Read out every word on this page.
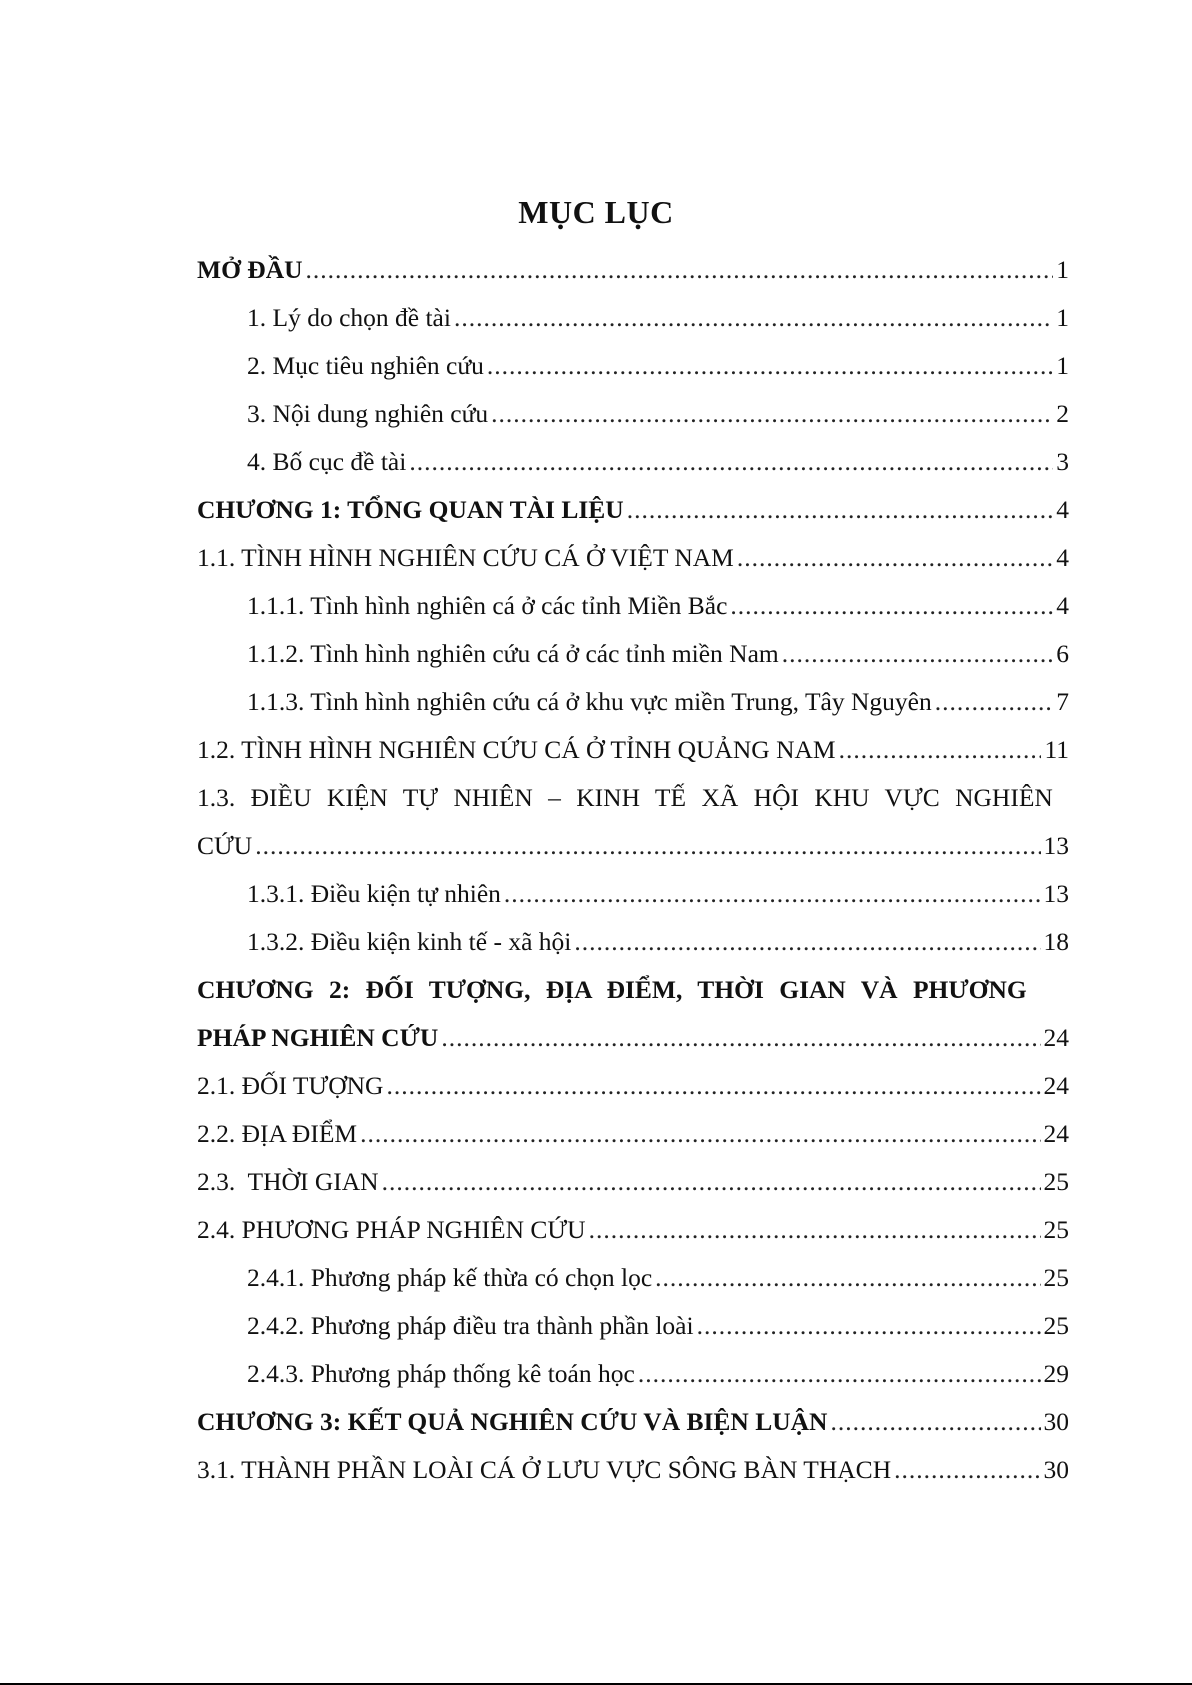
MỤC LỤC
MỞ ĐẦU .....	1
1. Lý do chọn đề tài .....	1
2. Mục tiêu nghiên cứu .....	1
3. Nội dung nghiên cứu .....	2
4. Bố cục đề tài .....	3
CHƯƠNG 1: TỔNG QUAN TÀI LIỆU .....	4
1.1. TÌNH HÌNH NGHIÊN CỨU CÁ Ở VIỆT NAM .....	4
1.1.1. Tình hình nghiên cá ở các tỉnh Miền Bắc .....	4
1.1.2. Tình hình nghiên cứu cá ở các tỉnh miền Nam .....	6
1.1.3. Tình hình nghiên cứu cá ở khu vực miền Trung, Tây Nguyên .....	7
1.2. TÌNH HÌNH NGHIÊN CỨU CÁ Ở TỈNH QUẢNG NAM .....	11
1.3. ĐIỀU KIỆN TỰ NHIÊN – KINH TẾ XÃ HỘI KHU VỰC NGHIÊN
CỨU .....	13
1.3.1. Điều kiện tự nhiên .....	13
1.3.2. Điều kiện kinh tế - xã hội .....	18
CHƯƠNG 2: ĐỐI TƯỢNG, ĐỊA ĐIỂM, THỜI GIAN VÀ PHƯƠNG
PHÁP NGHIÊN CỨU .....	24
2.1. ĐỐI TƯỢNG .....	24
2.2. ĐỊA ĐIỂM .....	24
2.3.  THỜI GIAN .....	25
2.4. PHƯƠNG PHÁP NGHIÊN CỨU .....	25
2.4.1. Phương pháp kế thừa có chọn lọc .....	25
2.4.2. Phương pháp điều tra thành phần loài .....	25
2.4.3. Phương pháp thống kê toán học .....	29
CHƯƠNG 3: KẾT QUẢ NGHIÊN CỨU VÀ BIỆN LUẬN .....	30
3.1. THÀNH PHẦN LOÀI CÁ Ở LƯU VỰC SÔNG BÀN THẠCH .....	30
